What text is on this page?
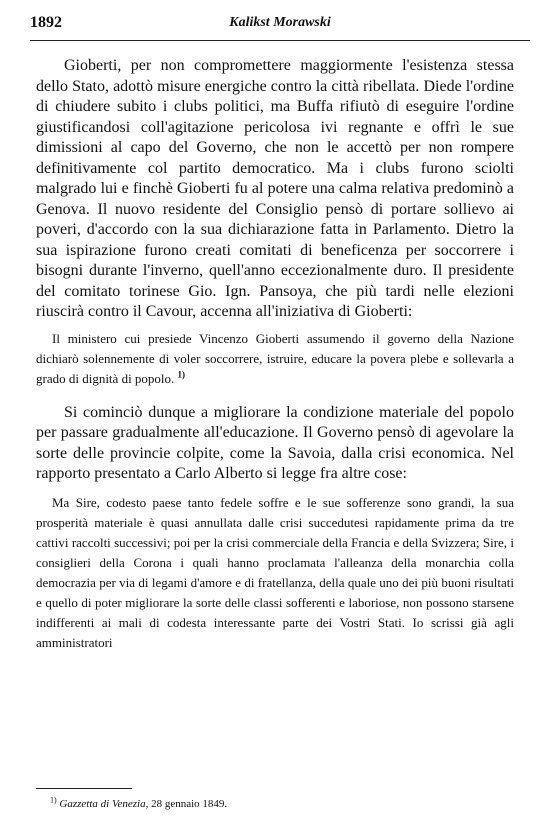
1892	Kalikst Morawski

Gioberti, per non compromettere maggiormente l'esistenza stessa dello Stato, adottò misure energiche contro la città ribellata. Diede l'ordine di chiudere subito i clubs politici, ma Buffa rifiutò di eseguire l'ordine giustificandosi coll'agitazione pericolosa ivi regnante e offrì le sue dimissioni al capo del Governo, che non le accettò per non rompere definitivamente col partito democratico. Ma i clubs furono sciolti malgrado lui e finchè Gioberti fu al potere una calma relativa predominò a Genova. Il nuovo residente del Consiglio pensò di portare sollievo ai poveri, d'accordo con la sua dichiarazione fatta in Parlamento. Dietro la sua ispirazione furono creati comitati di beneficenza per soccorrere i bisogni durante l'inverno, quell'anno eccezionalmente duro. Il presidente del comitato torinese Gio. Ign. Pansoya, che più tardi nelle elezioni riuscirà contro il Cavour, accenna all'iniziativa di Gioberti:

Il ministero cui presiede Vincenzo Gioberti assumendo il governo della Nazione dichiarò solennemente di voler soccorrere, istruire, educare la povera plebe e sollevarla a grado di dignità di popolo. $^{1)}$

Si cominciò dunque a migliorare la condizione materiale del popolo per passare gradualmente all'educazione. Il Governo pensò di agevolare la sorte delle provincie colpite, come la Savoia, dalla crisi economica. Nel rapporto presentato a Carlo Alberto si legge fra altre cose:

Ma Sire, codesto paese tanto fedele soffre e le sue sofferenze sono grandi, la sua prosperità materiale è quasi annullata dalle crisi succedutesi rapidamente prima da tre cattivi raccolti successivi; poi per la crisi commerciale della Francia e della Svizzera; Sire, i consiglieri della Corona i quali hanno proclamata l'alleanza della monarchia colla democrazia per via di legami d'amore e di fratellanza, della quale uno dei più buoni risultati e quello di poter migliorare la sorte delle classi sofferenti e laboriose, non possono starsene indifferenti ai mali di codesta interessante parte dei Vostri Stati. Io scrissi già agli amministratori

$^{1)}$ Gazzetta di Venezia, 28 gennaio 1849.
